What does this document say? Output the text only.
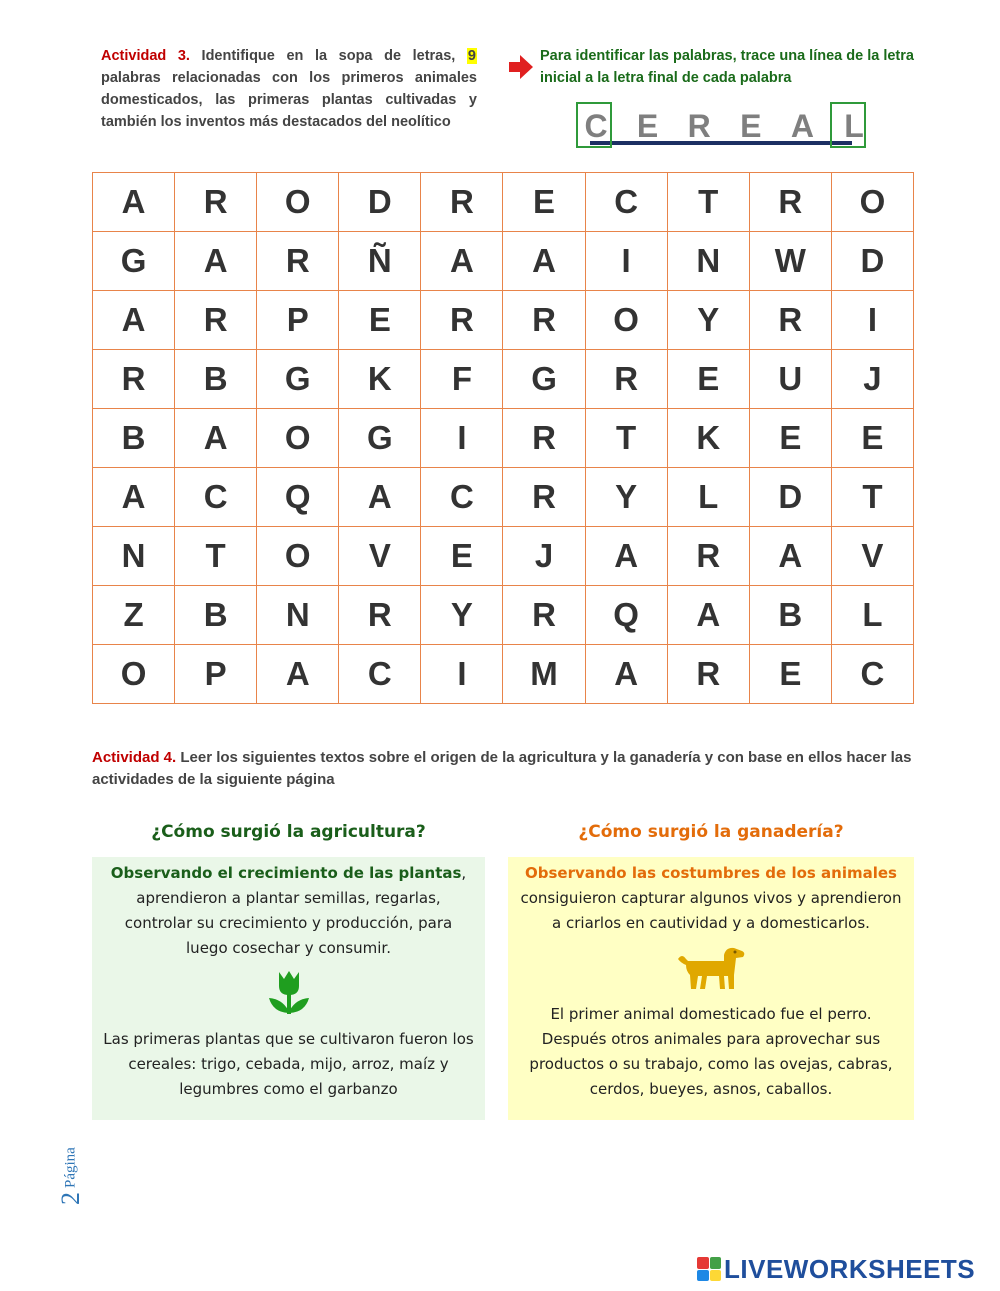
Actividad 3. Identifique en la sopa de letras, 9 palabras relacionadas con los primeros animales domesticados, las primeras plantas cultivadas y también los inventos más destacados del neolítico
Para identificar las palabras, trace una línea de la letra inicial a la letra final de cada palabra
C E R E A L
A	R	O	D	R	E	C	T	R	O
G	A	R	Ñ	A	A	I	N	W	D
A	R	P	E	R	R	O	Y	R	I
R	B	G	K	F	G	R	E	U	J
B	A	O	G	I	R	T	K	E	E
A	C	Q	A	C	R	Y	L	D	T
N	T	O	V	E	J	A	R	A	V
Z	B	N	R	Y	R	Q	A	B	L
O	P	A	C	I	M	A	R	E	C
Actividad 4. Leer los siguientes textos sobre el origen de la agricultura y la ganadería y con base en ellos hacer las actividades de la siguiente página
¿Cómo surgió la agricultura?	¿Cómo surgió la ganadería?

Observando el crecimiento de las plantas, aprendieron a plantar semillas, regarlas, controlar su crecimiento y producción, para luego cosechar y consumir.

Las primeras plantas que se cultivaron fueron los cereales: trigo, cebada, mijo, arroz, maíz y legumbres como el garbanzo

Observando las costumbres de los animales consiguieron capturar algunos vivos y aprendieron a criarlos en cautividad y a domesticarlos.

El primer animal domesticado fue el perro. Después otros animales para aprovechar sus productos o su trabajo, como las ovejas, cabras, cerdos, bueyes, asnos, caballos.

2
Página
LIVEWORKSHEETS
